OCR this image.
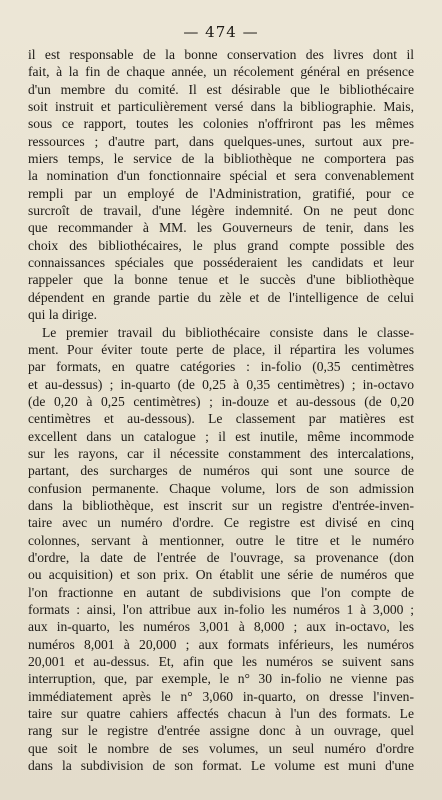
— 474 —
il est responsable de la bonne conservation des livres dont il
fait, à la fin de chaque année, un récolement général en présence
d'un membre du comité. Il est désirable que le bibliothécaire
soit instruit et particulièrement versé dans la bibliographie. Mais,
sous ce rapport, toutes les colonies n'offriront pas les mêmes
ressources ; d'autre part, dans quelques-unes, surtout aux pre-
miers temps, le service de la bibliothèque ne comportera pas
la nomination d'un fonctionnaire spécial et sera convenablement
rempli par un employé de l'Administration, gratifié, pour ce
surcroît de travail, d'une légère indemnité. On ne peut donc
que recommander à MM. les Gouverneurs de tenir, dans les
choix des bibliothécaires, le plus grand compte possible des
connaissances spéciales que posséderaient les candidats et leur
rappeler que la bonne tenue et le succès d'une bibliothèque
dépendent en grande partie du zèle et de l'intelligence de celui
qui la dirige.
Le premier travail du bibliothécaire consiste dans le classe-
ment. Pour éviter toute perte de place, il répartira les volumes
par formats, en quatre catégories : in-folio (0,35 centimètres
et au-dessus) ; in-quarto (de 0,25 à 0,35 centimètres) ; in-octavo
(de 0,20 à 0,25 centimètres) ; in-douze et au-dessous (de 0,20
centimètres et au-dessous). Le classement par matières est
excellent dans un catalogue ; il est inutile, même incommode
sur les rayons, car il nécessite constamment des intercalations,
partant, des surcharges de numéros qui sont une source de
confusion permanente. Chaque volume, lors de son admission
dans la bibliothèque, est inscrit sur un registre d'entrée-inven-
taire avec un numéro d'ordre. Ce registre est divisé en cinq
colonnes, servant à mentionner, outre le titre et le numéro
d'ordre, la date de l'entrée de l'ouvrage, sa provenance (don
ou acquisition) et son prix. On établit une série de numéros que
l'on fractionne en autant de subdivisions que l'on compte de
formats : ainsi, l'on attribue aux in-folio les numéros 1 à 3,000 ;
aux in-quarto, les numéros 3,001 à 8,000 ; aux in-octavo, les
numéros 8,001 à 20,000 ; aux formats inférieurs, les numéros
20,001 et au-dessus. Et, afin que les numéros se suivent sans
interruption, que, par exemple, le n° 30 in-folio ne vienne pas
immédiatement après le n° 3,060 in-quarto, on dresse l'inven-
taire sur quatre cahiers affectés chacun à l'un des formats. Le
rang sur le registre d'entrée assigne donc à un ouvrage, quel
que soit le nombre de ses volumes, un seul numéro d'ordre
dans la subdivision de son format. Le volume est muni d'une
